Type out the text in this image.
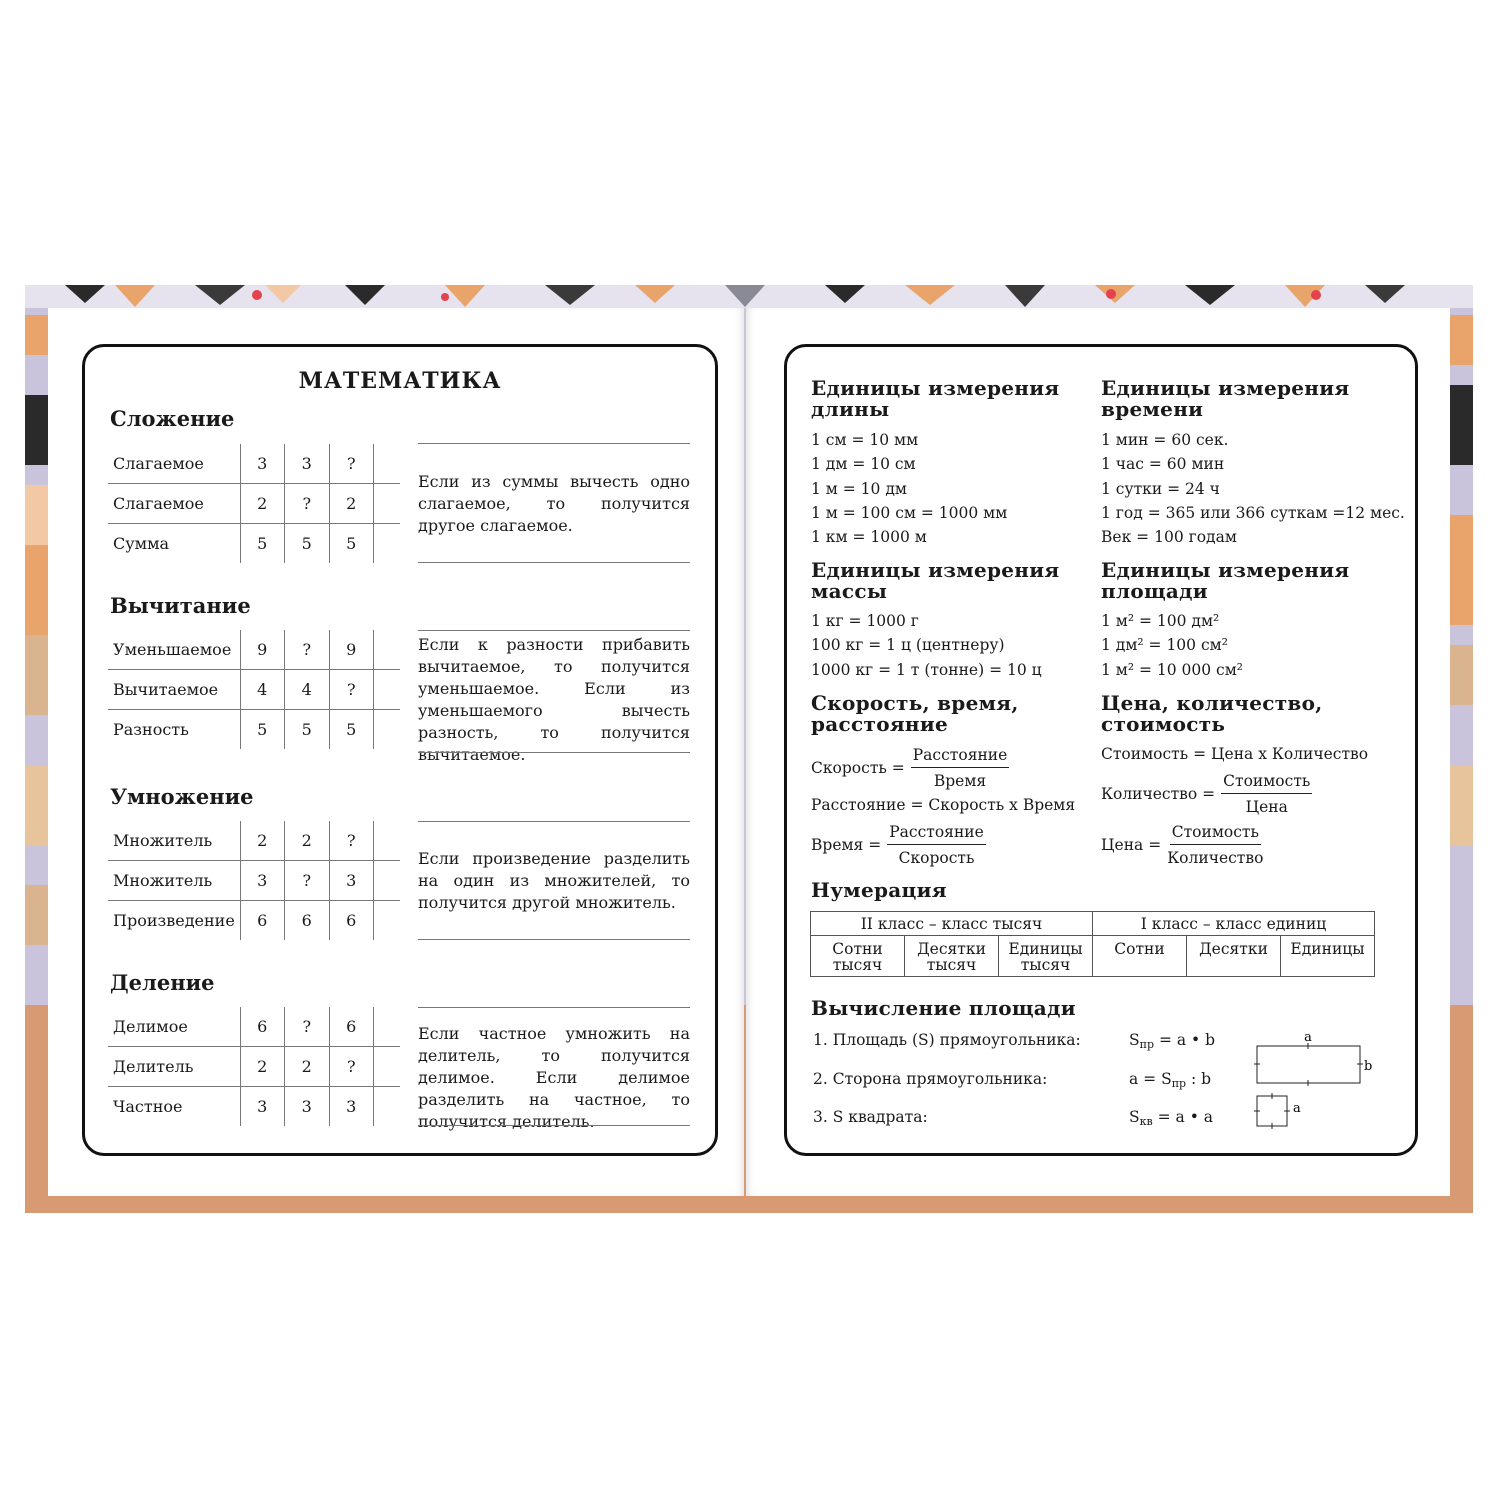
МАТЕМАТИКА
Сложение
Слагаемое	3	3	?	
Слагаемое	2	?	2	
Сумма	5	5	5	
Если из суммы вычесть одно слагаемое, то получится другое слагаемое.
Вычитание
Уменьшаемое	9	?	9	
Вычитаемое	4	4	?	
Разность	5	5	5	
Если к разности прибавить вычитаемое, то получится уменьшаемое. Если из уменьшаемого вычесть разность, то получится вычитаемое.
Умножение
Множитель	2	2	?	
Множитель	3	?	3	
Произведение	6	6	6	
Если произведение разделить на один из множителей, то получится другой множитель.
Деление
Делимое	6	?	6	
Делитель	2	2	?	
Частное	3	3	3	
Если частное умножить на делитель, то получится делимое. Если делимое разделить на частное, то получится делитель.
Единицы измерения
длины
1 см = 10 мм
1 дм = 10 см
1 м = 10 дм
1 м = 100 см = 1000 мм
1 км = 1000 м
Единицы измерения
времени
1 мин = 60 сек.
1 час = 60 мин
1 сутки = 24 ч
1 год = 365 или 366 суткам =12 мес.
Век = 100 годам
Единицы измерения
массы
1 кг = 1000 г
100 кг = 1 ц (центнеру)
1000 кг = 1 т (тонне) = 10 ц
Единицы измерения
площади
1 м² = 100 дм²
1 дм² = 100 см²
1 м² = 10 000 см²
Скорость, время,
расстояние
Скорость = $\frac{\text{Расстояние}}{\text{Время}}$
Расстояние = Скорость х Время
Время = $\frac{\text{Расстояние}}{\text{Скорость}}$
Цена, количество,
стоимость
Стоимость = Цена х Количество
Количество = $\frac{\text{Стоимость}}{\text{Цена}}$
Цена = $\frac{\text{Стоимость}}{\text{Количество}}$
Нумерация
II класс – класс тысяч			I класс – класс единиц		
Сотни тысяч	Десятки тысяч	Единицы тысяч	Сотни	Десятки	Единицы
Вычисление площади
1. Площадь (S) прямоугольника:	$S_{пр} = a$ • b
2. Сторона прямоугольника:	$a = S_{пр}$ : b
3. S квадрата:	$S_{кв} = a$ • a
a
b
a
